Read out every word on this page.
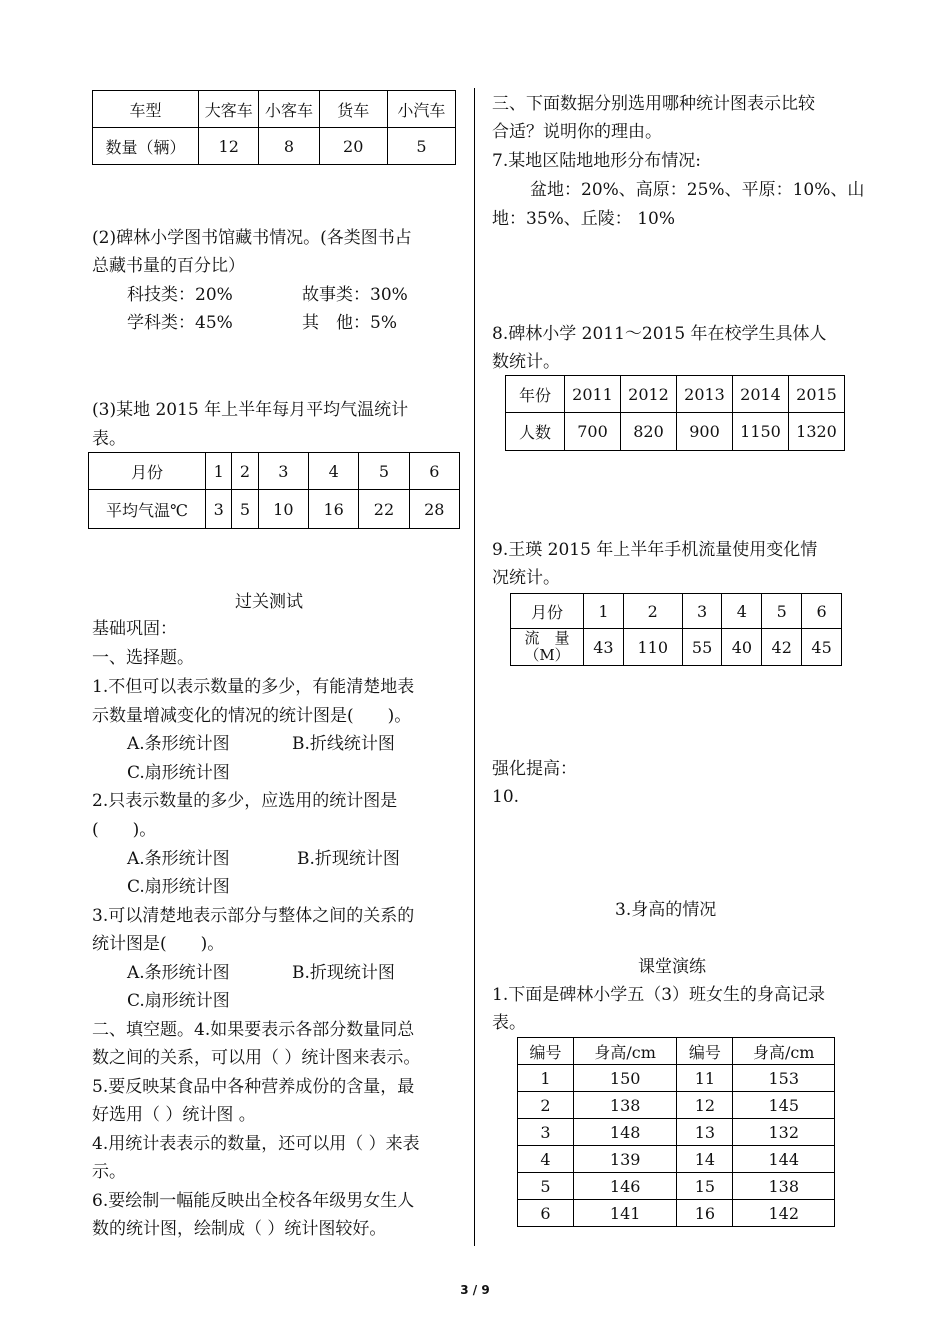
车型	大客车	小客车	货车	小汽车
数量（辆）	12	8	20	5
(2)碑林小学图书馆藏书情况。(各类图书占
总藏书量的百分比）
科技类：20%	故事类：30%
学科类：45%	其　他：5%
(3)某地 2015 年上半年每月平均气温统计
表。
月份	1	2	3	4	5	6
平均气温℃	3	5	10	16	22	28
过关测试
基础巩固：
一、选择题。
1.不但可以表示数量的多少，有能清楚地表
示数量增减变化的情况的统计图是(　　)。
A.条形统计图	B.折线统计图
C.扇形统计图
2.只表示数量的多少，应选用的统计图是
(　　)。
A.条形统计图	B.折现统计图
C.扇形统计图
3.可以清楚地表示部分与整体之间的关系的
统计图是(　　)。
A.条形统计图	B.折现统计图
C.扇形统计图
二、填空题。4.如果要表示各部分数量同总
数之间的关系，可以用（ ）统计图来表示。
5.要反映某食品中各种营养成份的含量，最
好选用（ ）统计图 。
4.用统计表表示的数量，还可以用（ ）来表
示。
6.要绘制一幅能反映出全校各年级男女生人
数的统计图，绘制成（ ）统计图较好。
三、下面数据分别选用哪种统计图表示比较
合适？说明你的理由。
7.某地区陆地地形分布情况:
盆地：20%、高原：25%、平原：10%、山
地：35%、丘陵： 10%
8.碑林小学 2011～2015 年在校学生具体人
数统计。
年份	2011	2012	2013	2014	2015
人数	700	820	900	1150	1320
9.王瑛 2015 年上半年手机流量使用变化情
况统计。
月份	1	2	3	4	5	6
流　量（M）	43	110	55	40	42	45
强化提高：
10.
3.身高的情况
课堂演练
1.下面是碑林小学五（3）班女生的身高记录
表。
编号	身高/cm	编号	身高/cm
1	150	11	153
2	138	12	145
3	148	13	132
4	139	14	144
5	146	15	138
6	141	16	142
3 / 9
